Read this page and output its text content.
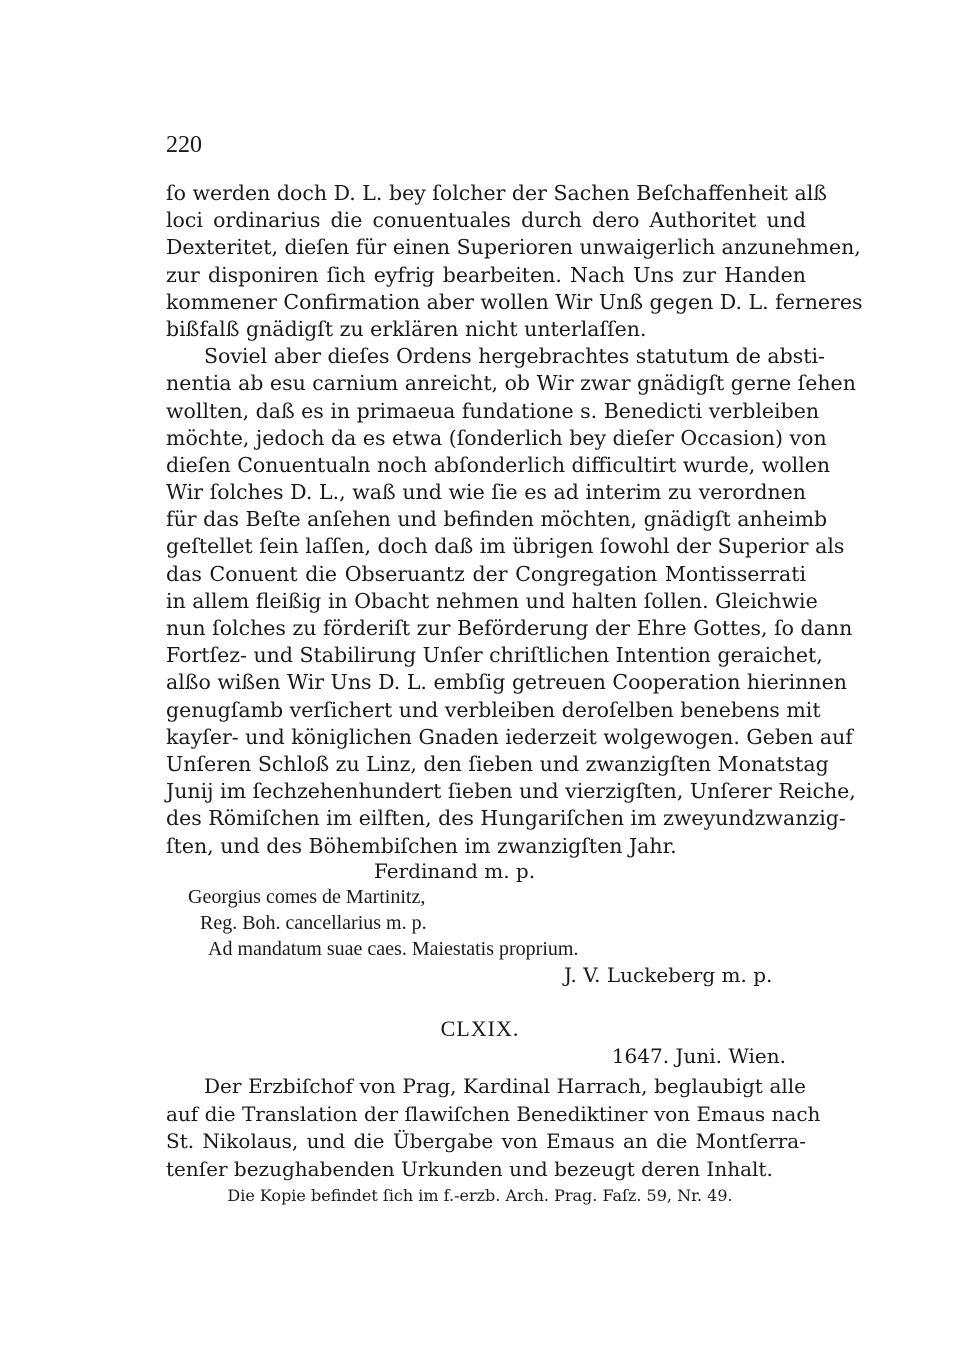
220
ſo werden doch D. L. bey ſolcher der Sachen Beſchaffenheit alß
loci ordinarius die conuentuales durch dero Authoritet und
Dexteritet, dieſen für einen Superioren unwaigerlich anzunehmen,
zur disponiren ſich eyfrig bearbeiten. Nach Uns zur Handen
kommener Confirmation aber wollen Wir Unß gegen D. L. ferneres
bißfalß gnädigſt zu erklären nicht unterlaſſen.
Soviel aber dieſes Ordens hergebrachtes statutum de absti-
nentia ab esu carnium anreicht, ob Wir zwar gnädigſt gerne ſehen
wollten, daß es in primaeua fundatione s. Benedicti verbleiben
möchte, jedoch da es etwa (ſonderlich bey dieſer Occasion) von
dieſen Conuentualn noch abſonderlich difficultirt wurde, wollen
Wir ſolches D. L., waß und wie ſie es ad interim zu verordnen
für das Beſte anſehen und befinden möchten, gnädigſt anheimb
geſtellet ſein laſſen, doch daß im übrigen ſowohl der Superior als
das Conuent die Obseruantz der Congregation Montisserrati
in allem fleißig in Obacht nehmen und halten ſollen. Gleichwie
nun ſolches zu förderiſt zur Beförderung der Ehre Gottes, ſo dann
Fortſez- und Stabilirung Unſer chriſtlichen Intention geraichet,
alßo wißen Wir Uns D. L. embſig getreuen Cooperation hierinnen
genugſamb verſichert und verbleiben deroſelben benebens mit
kayſer- und königlichen Gnaden iederzeit wolgewogen. Geben auf
Unſeren Schloß zu Linz, den ſieben und zwanzigſten Monatstag
Junij im ſechzehenhundert ſieben und vierzigſten, Unſerer Reiche,
des Römiſchen im eilften, des Hungariſchen im zweyundzwanzig-
ſten, und des Böhembiſchen im zwanzigſten Jahr.
Ferdinand m. p.
Georgius comes de Martinitz,
Reg. Boh. cancellarius m. p.
Ad mandatum suae caes. Maiestatis proprium.
J. V. Luckeberg m. p.
CLXIX.
1647. Juni. Wien.
Der Erzbiſchof von Prag, Kardinal Harrach, beglaubigt alle
auf die Translation der ſlawiſchen Benediktiner von Emaus nach
St. Nikolaus, und die Übergabe von Emaus an die Montſerra-
tenſer bezughabenden Urkunden und bezeugt deren Inhalt.
Die Kopie befindet ſich im f.-erzb. Arch. Prag. Faſz. 59, Nr. 49.
